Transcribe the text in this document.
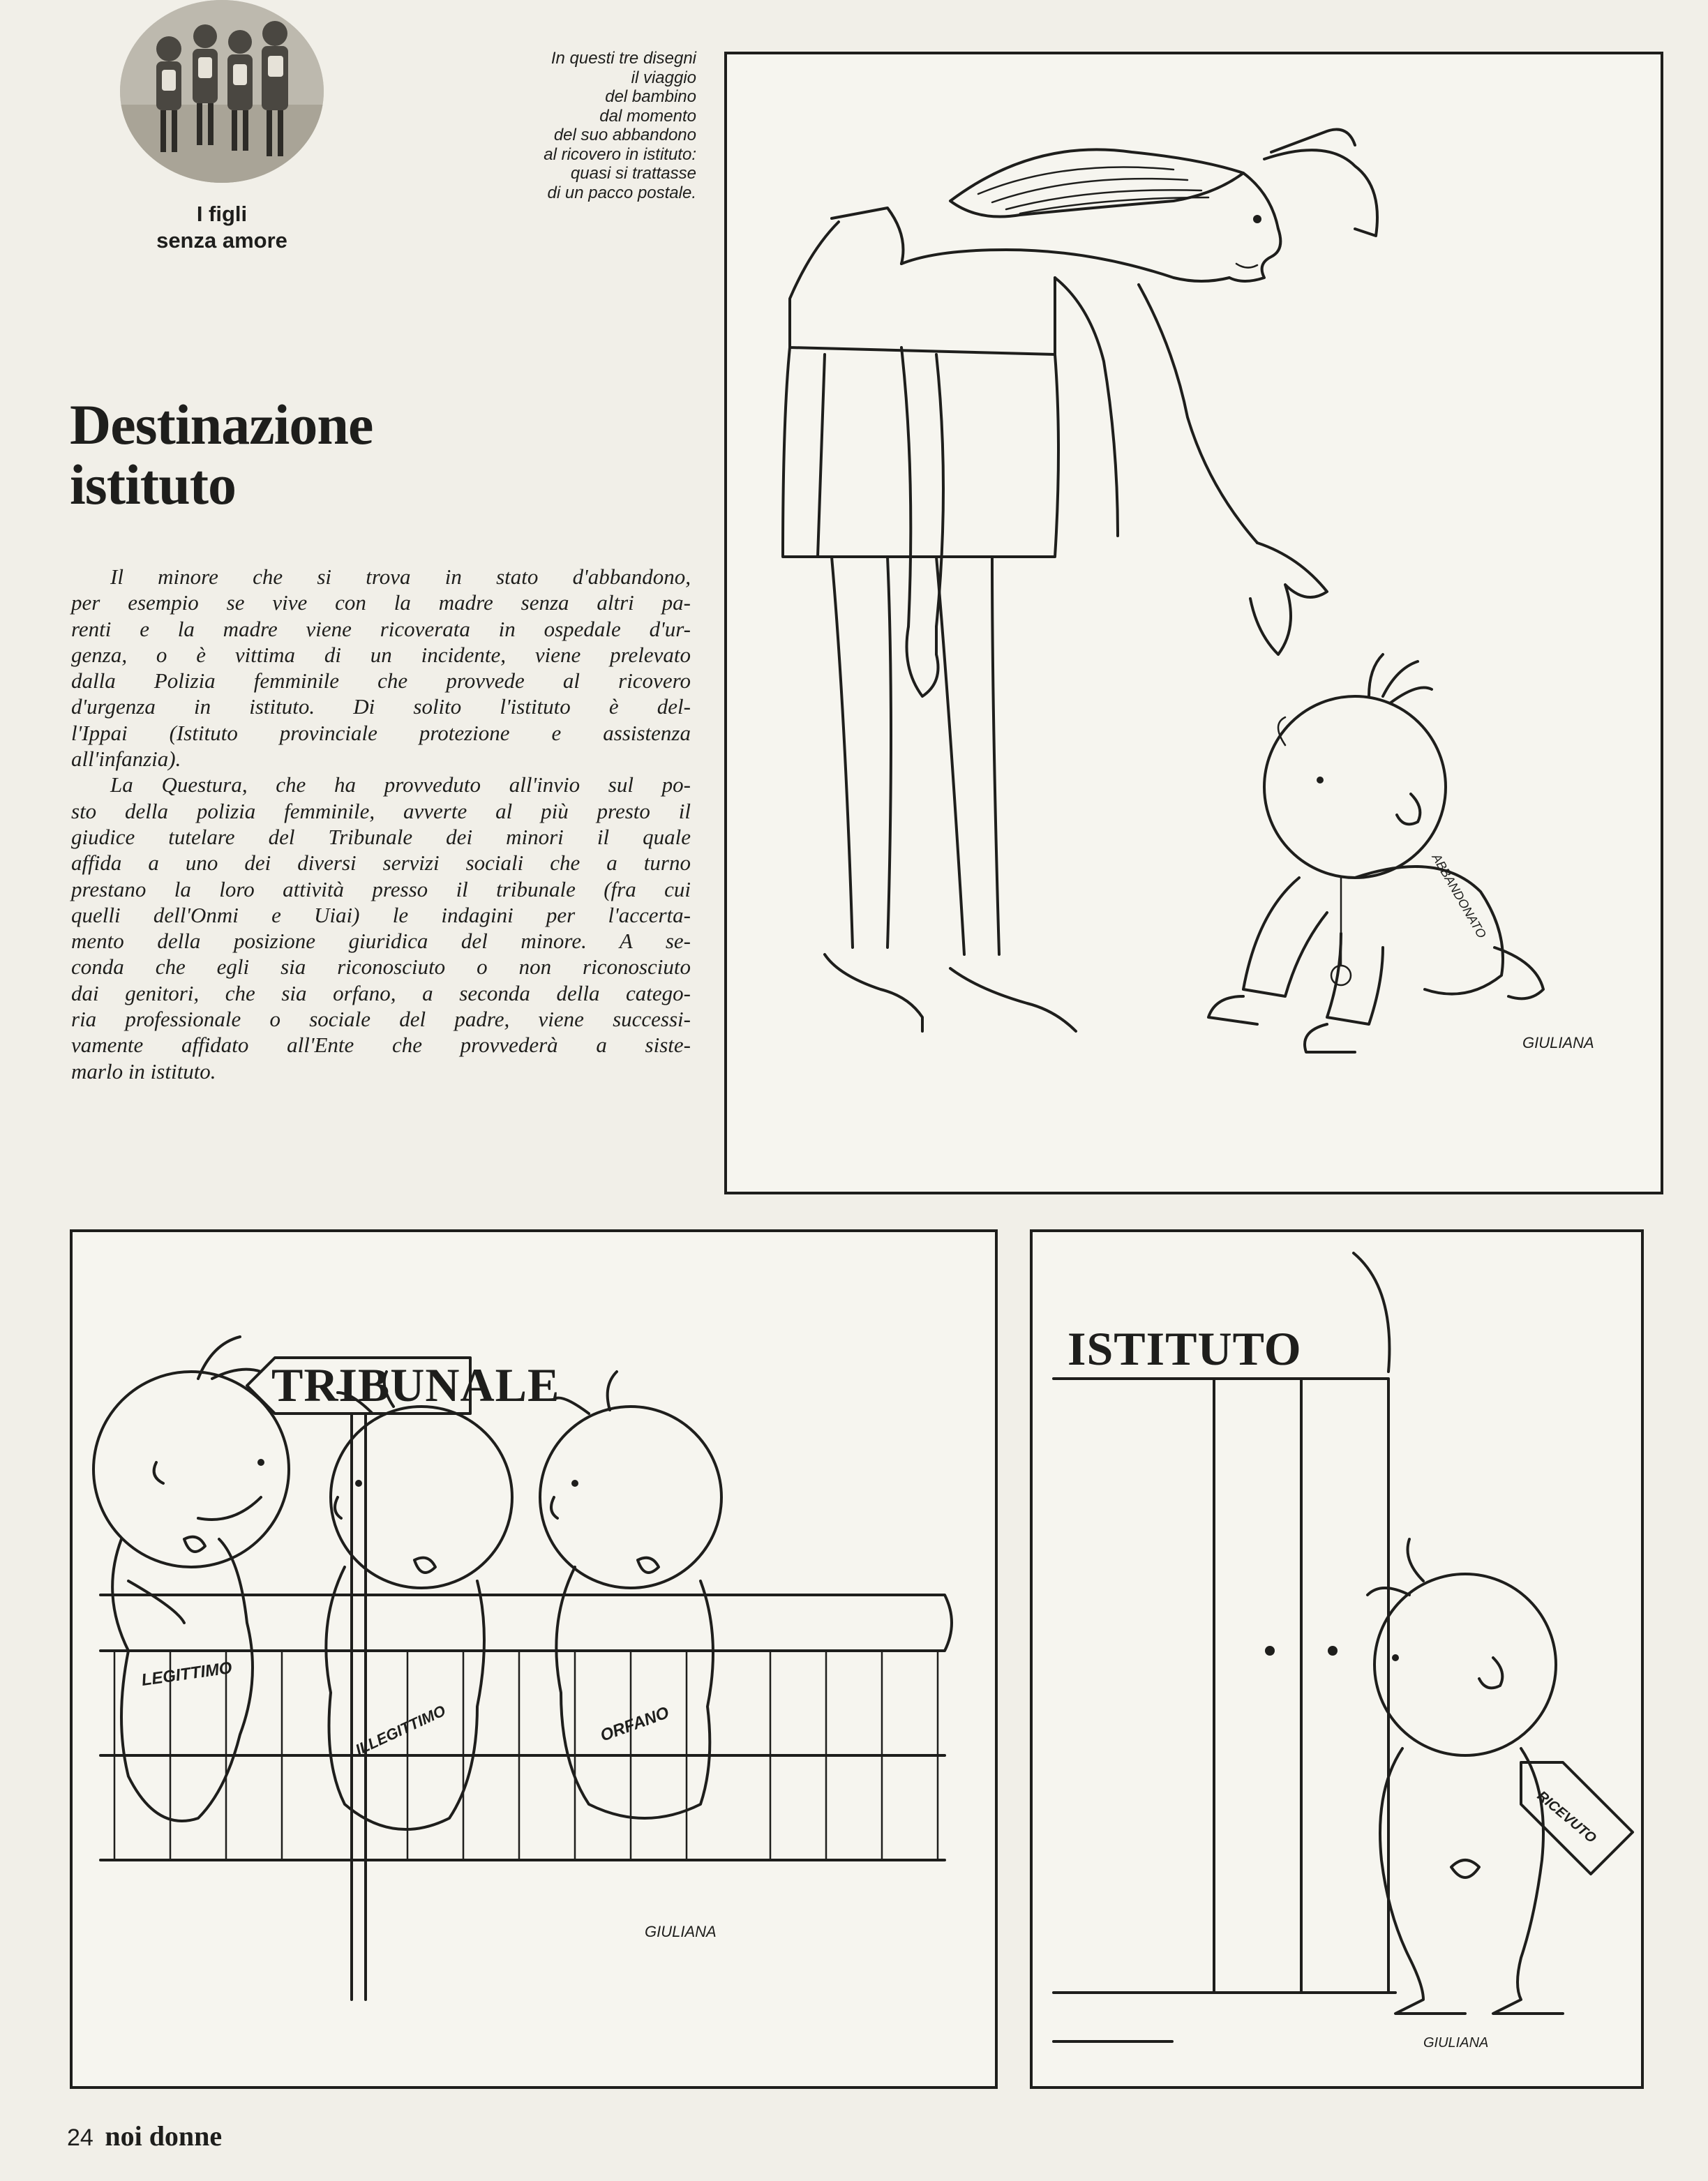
I figli
senza amore
In questi tre disegni
il viaggio
del bambino
dal momento
del suo abbandono
al ricovero in istituto:
quasi si trattasse
di un pacco postale.
Destinazione
istituto
Il minore che si trova in stato d'abbandono,
per esempio se vive con la madre senza altri pa-
renti e la madre viene ricoverata in ospedale d'ur-
genza, o è vittima di un incidente, viene prelevato
dalla Polizia femminile che provvede al ricovero
d'urgenza in istituto. Di solito l'istituto è del-
l'Ippai (Istituto provinciale protezione e assistenza
all'infanzia).
La Questura, che ha provveduto all'invio sul po-
sto della polizia femminile, avverte al più presto il
giudice tutelare del Tribunale dei minori il quale
affida a uno dei diversi servizi sociali che a turno
prestano la loro attività presso il tribunale (fra cui
quelli dell'Onmi e Uiai) le indagini per l'accerta-
mento della posizione giuridica del minore. A se-
conda che egli sia riconosciuto o non riconosciuto
dai genitori, che sia orfano, a seconda della catego-
ria professionale o sociale del padre, viene successi-
vamente affidato all'Ente che provvederà a siste-
marlo in istituto.
ABBANDONATO
GIULIANA
TRIBUNALE
LEGITTIMO
ILLEGITTIMO	ORFANO
GIULIANA
ISTITUTO
RICEVUTO
GIULIANA
24 noi donne
